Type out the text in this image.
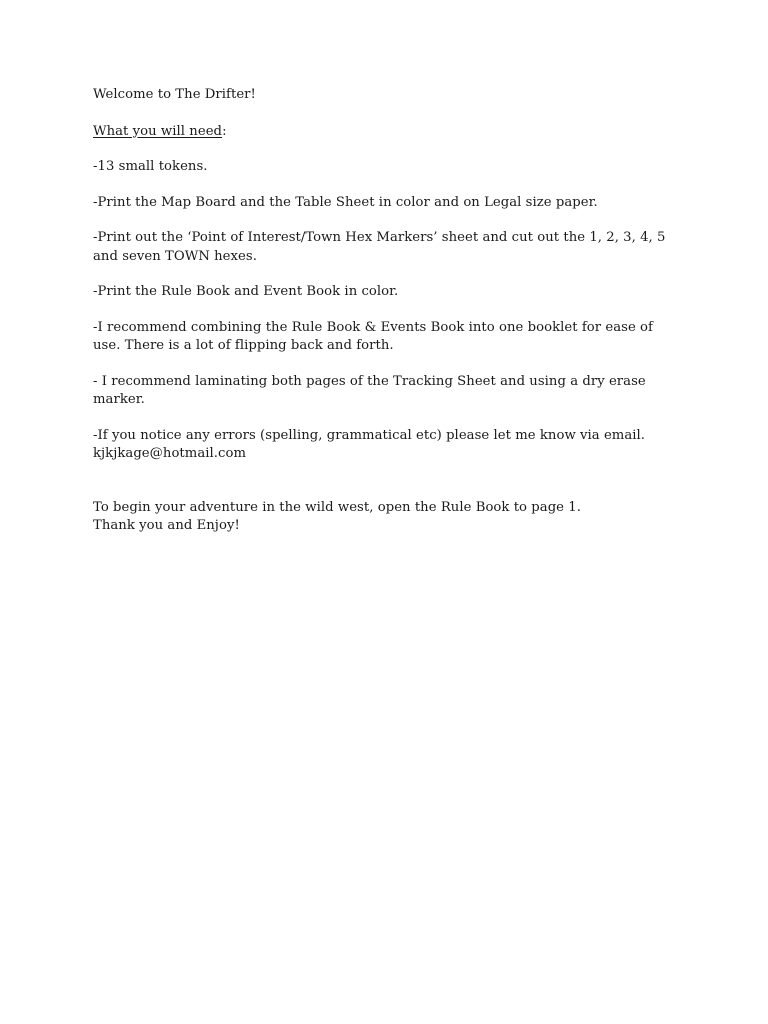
Welcome to The Drifter!

What you will need:

-13 small tokens.

-Print the Map Board and the Table Sheet in color and on Legal size paper.

-Print out the ‘Point of Interest/Town Hex Markers’ sheet and cut out the 1, 2, 3, 4, 5 and seven TOWN hexes.

-Print the Rule Book and Event Book in color.

-I recommend combining the Rule Book & Events Book into one booklet for ease of use. There is a lot of flipping back and forth.

- I recommend laminating both pages of the Tracking Sheet and using a dry erase marker.

-If you notice any errors (spelling, grammatical etc) please let me know via email. kjkjkage@hotmail.com

To begin your adventure in the wild west, open the Rule Book to page 1.

Thank you and Enjoy!
